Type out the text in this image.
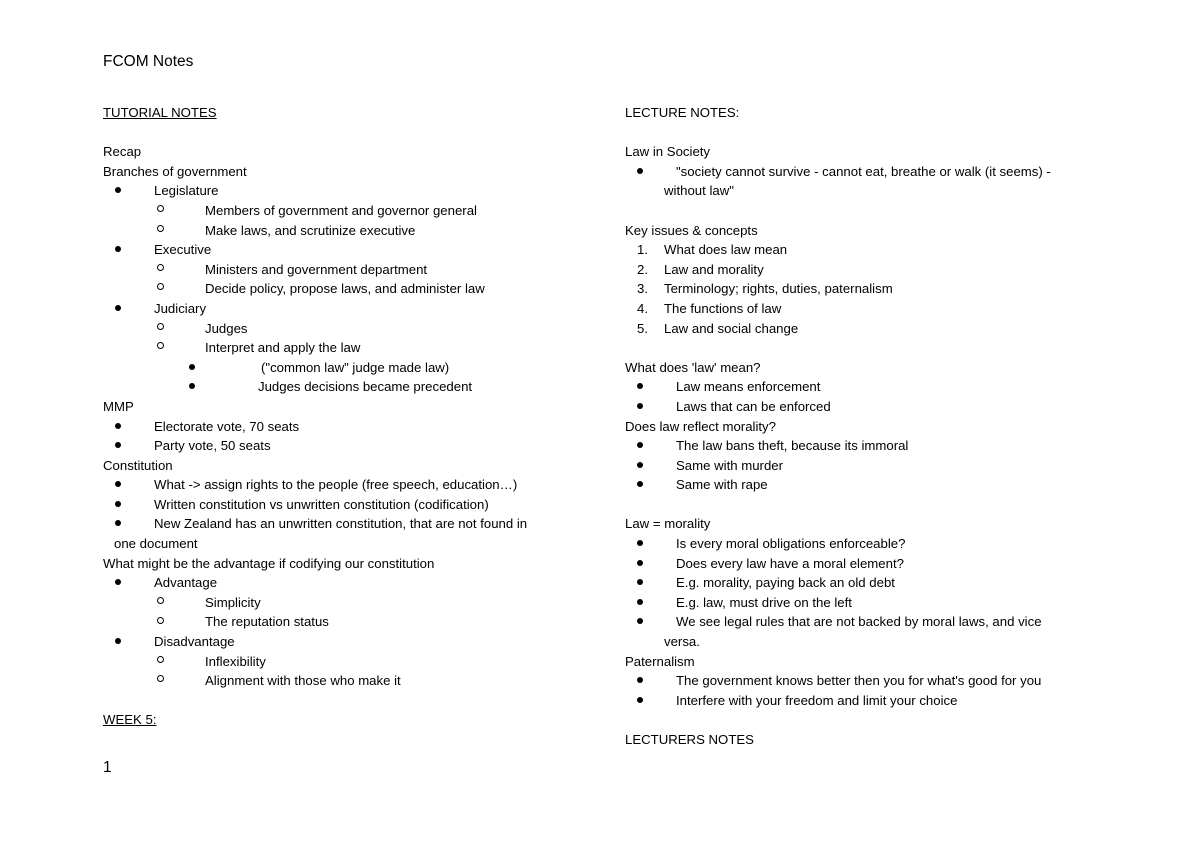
FCOM Notes
TUTORIAL NOTES
Recap
Branches of government
Legislature
Members of government and governor general
Make laws, and scrutinize executive
Executive
Ministers and government department
Decide policy, propose laws, and administer law
Judiciary
Judges
Interpret and apply the law
("common law" judge made law)
Judges decisions became precedent
MMP
Electorate vote, 70 seats
Party vote, 50 seats
Constitution
What -> assign rights to the people (free speech, education…)
Written constitution vs unwritten constitution (codification)
New Zealand has an unwritten constitution, that are not found in
one document
What might be the advantage if codifying our constitution
Advantage
Simplicity
The reputation status
Disadvantage
Inflexibility
Alignment with those who make it
WEEK 5:
LECTURE NOTES:
Law in Society
"society cannot survive - cannot eat, breathe or walk (it seems) -
without law"
Key issues & concepts
1. What does law mean
2. Law and morality
3. Terminology; rights, duties, paternalism
4. The functions of law
5. Law and social change
What does 'law' mean?
Law means enforcement
Laws that can be enforced
Does law reflect morality?
The law bans theft, because its immoral
Same with murder
Same with rape
Law = morality
Is every moral obligations enforceable?
Does every law have a moral element?
E.g. morality, paying back an old debt
E.g. law, must drive on the left
We see legal rules that are not backed by moral laws, and vice
versa.
Paternalism
The government knows better then you for what's good for you
Interfere with your freedom and limit your choice
LECTURERS NOTES
1
